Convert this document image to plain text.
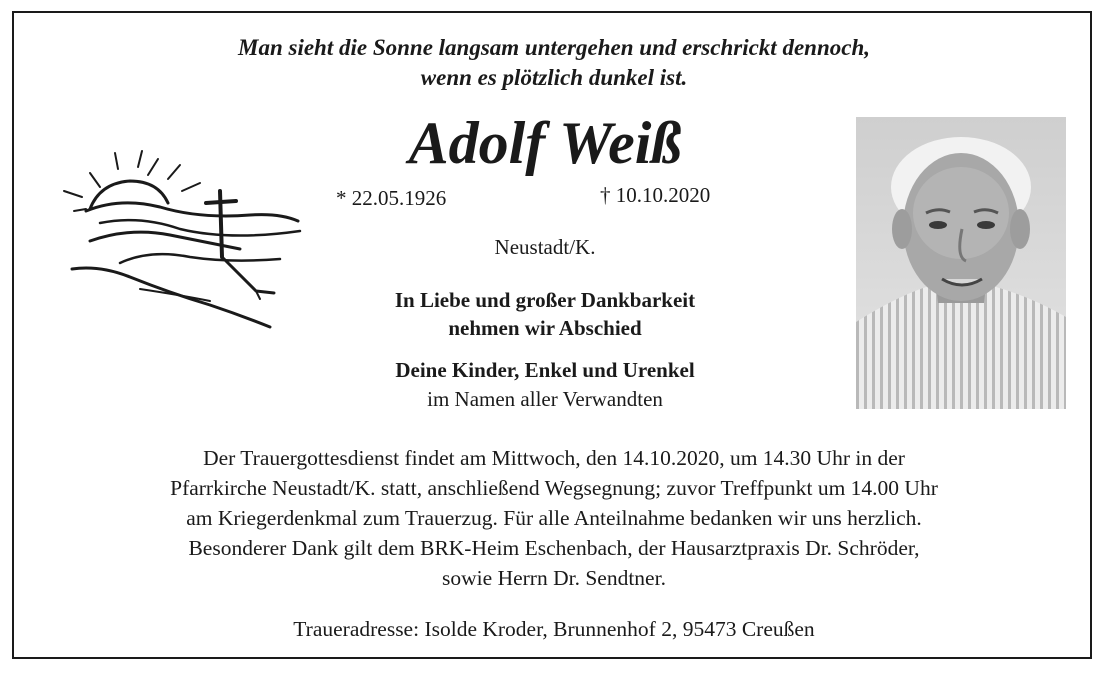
Man sieht die Sonne langsam untergehen und erschrickt dennoch,
wenn es plötzlich dunkel ist.
Adolf Weiß
* 22.05.1926	† 10.10.2020
Neustadt/K.
In Liebe und großer Dankbarkeit
nehmen wir Abschied
Deine Kinder, Enkel und Urenkel
im Namen aller Verwandten
Der Trauergottesdienst findet am Mittwoch, den 14.10.2020, um 14.30 Uhr in der
Pfarrkirche Neustadt/K. statt, anschließend Wegsegnung; zuvor Treffpunkt um 14.00 Uhr
am Kriegerdenkmal zum Trauerzug. Für alle Anteilnahme bedanken wir uns herzlich.
Besonderer Dank gilt dem BRK-Heim Eschenbach, der Hausarztpraxis Dr. Schröder,
sowie Herrn Dr. Sendtner.
Traueradresse: Isolde Kroder, Brunnenhof 2, 95473 Creußen
